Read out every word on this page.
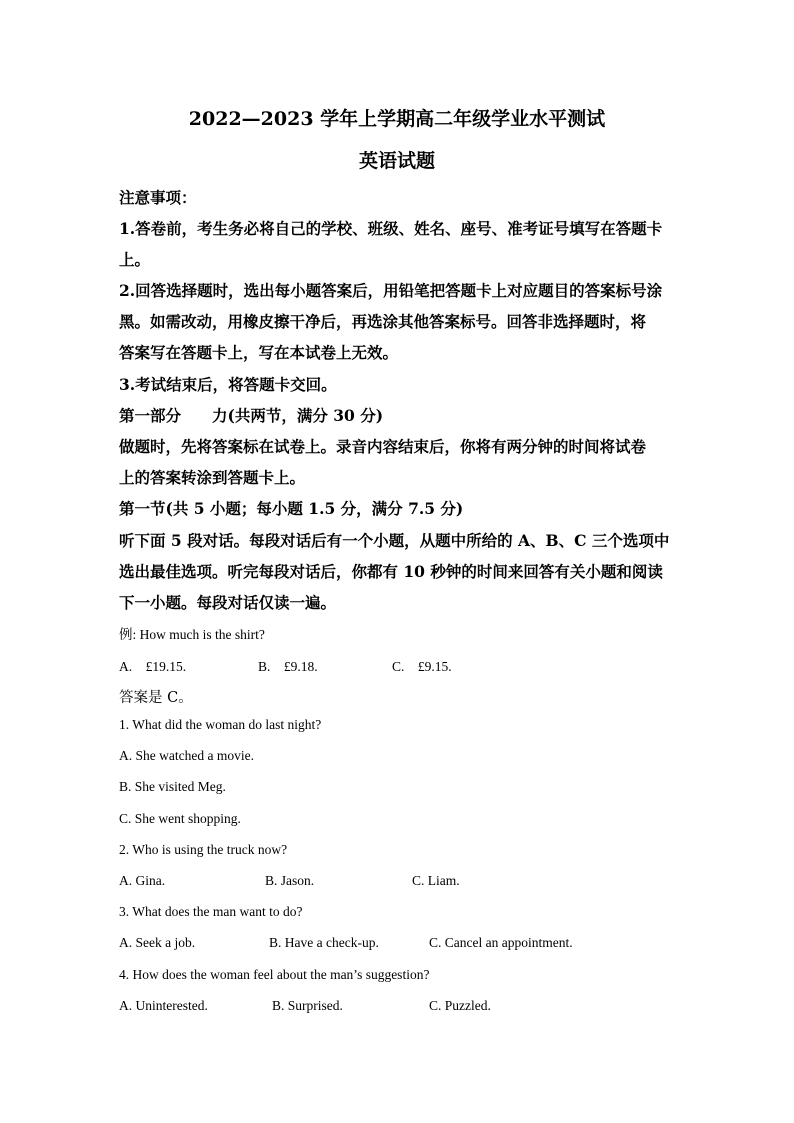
2022—2023 学年上学期高二年级学业水平测试
英语试题
注意事项：
1.答卷前，考生务必将自己的学校、班级、姓名、座号、准考证号填写在答题卡
上。
2.回答选择题时，选出每小题答案后，用铅笔把答题卡上对应题目的答案标号涂
黑。如需改动，用橡皮擦干净后，再选涂其他答案标号。回答非选择题时，将
答案写在答题卡上，写在本试卷上无效。
3.考试结束后，将答题卡交回。
第一部分　　力(共两节，满分 30 分)
做题时，先将答案标在试卷上。录音内容结束后，你将有两分钟的时间将试卷
上的答案转涂到答题卡上。
第一节(共 5 小题；每小题 1.5 分，满分 7.5 分)
听下面 5 段对话。每段对话后有一个小题，从题中所给的 A、B、C 三个选项中
选出最佳选项。听完每段对话后，你都有 10 秒钟的时间来回答有关小题和阅读
下一小题。每段对话仅读一遍。
例: How much is the shirt?
A.　£19.15.	B.　£9.18.	C.　£9.15.
答案是 C。
1. What did the woman do last night?
A. She watched a movie.
B. She visited Meg.
C. She went shopping.
2. Who is using the truck now?
A. Gina.	B. Jason.	C. Liam.
3. What does the man want to do?
A. Seek a job.	B. Have a check-up.	C. Cancel an appointment.
4. How does the woman feel about the man’s suggestion?
A. Uninterested.	B. Surprised.	C. Puzzled.
